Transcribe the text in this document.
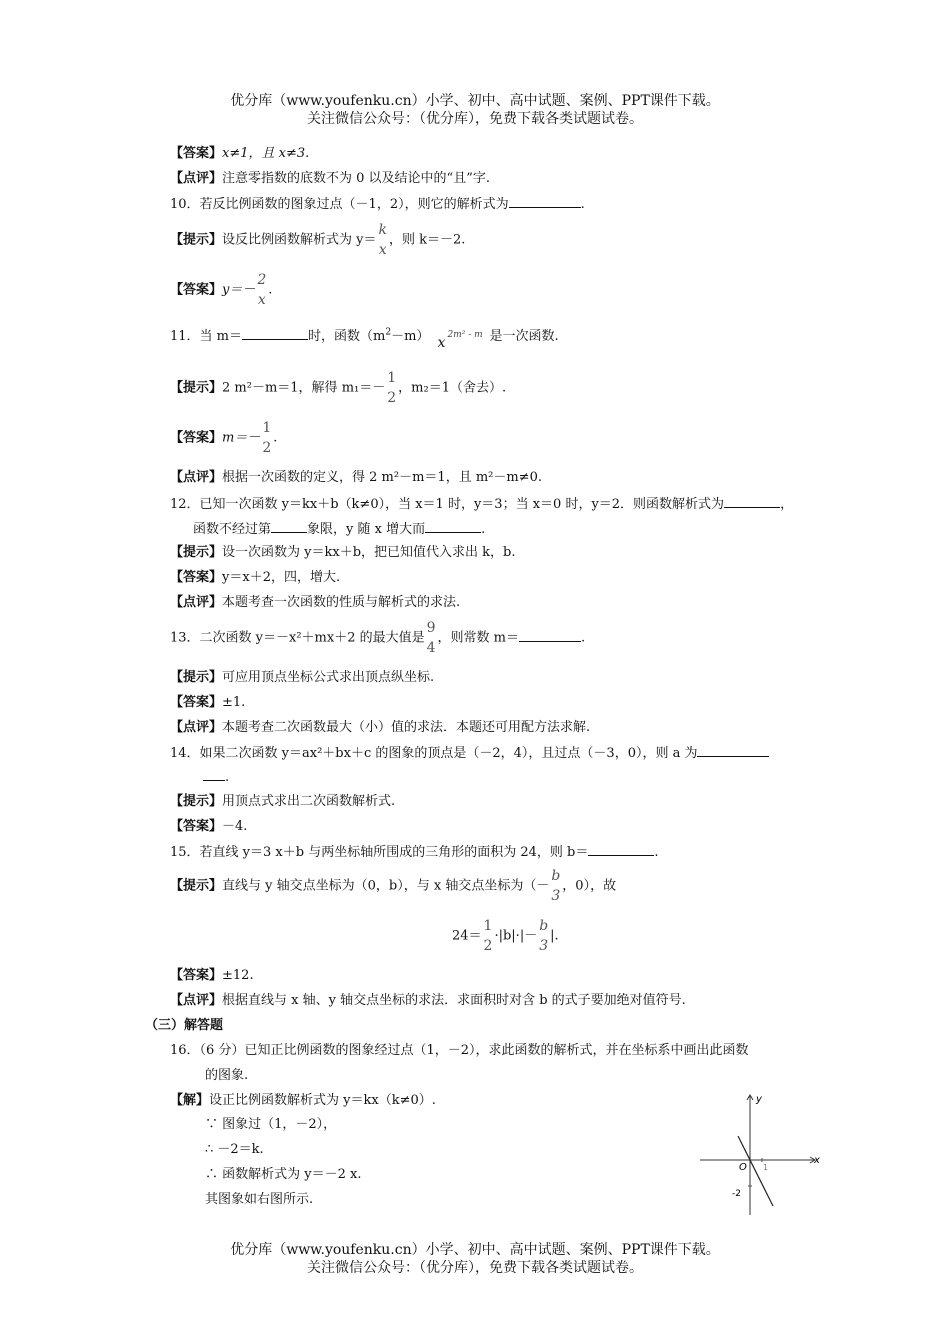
优分库（www.youfenku.cn）小学、初中、高中试题、案例、PPT课件下载。
关注微信公众号：（优分库），免费下载各类试题试卷。
【答案】x≠1，且 x≠3.
【点评】注意零指数的底数不为 0 以及结论中的“且”字.
10．若反比例函数的图象过点（－1，2），则它的解析式为	.
【提示】设反比例函数解析式为 y＝
k
x
，则 k＝－2.
【答案】y＝－
2
x
.
11．当 m＝	时，函数$(m^2-m)$ x 2m² - m 是一次函数.
【提示】2 m²－m＝1，解得 m₁＝－
1
2
，m₂＝1（舍去）.
【答案】m＝－
1
2
.
【点评】根据一次函数的定义，得 2 m²－m＝1，且 m²－m≠0.
12．已知一次函数 y＝kx＋b（k≠0），当 x＝1 时，y＝3；当 x＝0 时，y＝2．则函数解析式为	，
函数不经过第	象限，y 随 x 增大而	.
【提示】设一次函数为 y＝kx＋b，把已知值代入求出 k，b.
【答案】y＝x＋2，四，增大.
【点评】本题考查一次函数的性质与解析式的求法.
13．二次函数 y＝－x²＋mx＋2 的最大值是
9
4
，则常数 m＝	.
【提示】可应用顶点坐标公式求出顶点纵坐标.
【答案】±1.
【点评】本题考查二次函数最大（小）值的求法．本题还可用配方法求解.
14．如果二次函数 y＝ax²＋bx＋c 的图象的顶点是（－2，4），且过点（－3，0），则 a 为
.
【提示】用顶点式求出二次函数解析式.
【答案】－4.
15．若直线 y＝3 x＋b 与两坐标轴所围成的三角形的面积为 24，则 b＝	.
【提示】直线与 y 轴交点坐标为（0，b），与 x 轴交点坐标为（－
b
3
，0），故
24＝
1
2
·|b|·|－
b
3
|.
【答案】±12.
【点评】根据直线与 x 轴、y 轴交点坐标的求法．求面积时对含 b 的式子要加绝对值符号.
（三）解答题
16．（6 分）已知正比例函数的图象经过点（1，－2），求此函数的解析式，并在坐标系中画出此函数
的图象.
【解】设正比例函数解析式为 y＝kx（k≠0）.
∵ 图象过（1，－2），
∴ －2＝k.
∴ 函数解析式为 y＝－2 x.
其图象如右图所示.
y
x
O 1
-2
优分库（www.youfenku.cn）小学、初中、高中试题、案例、PPT课件下载。
关注微信公众号：（优分库），免费下载各类试题试卷。
